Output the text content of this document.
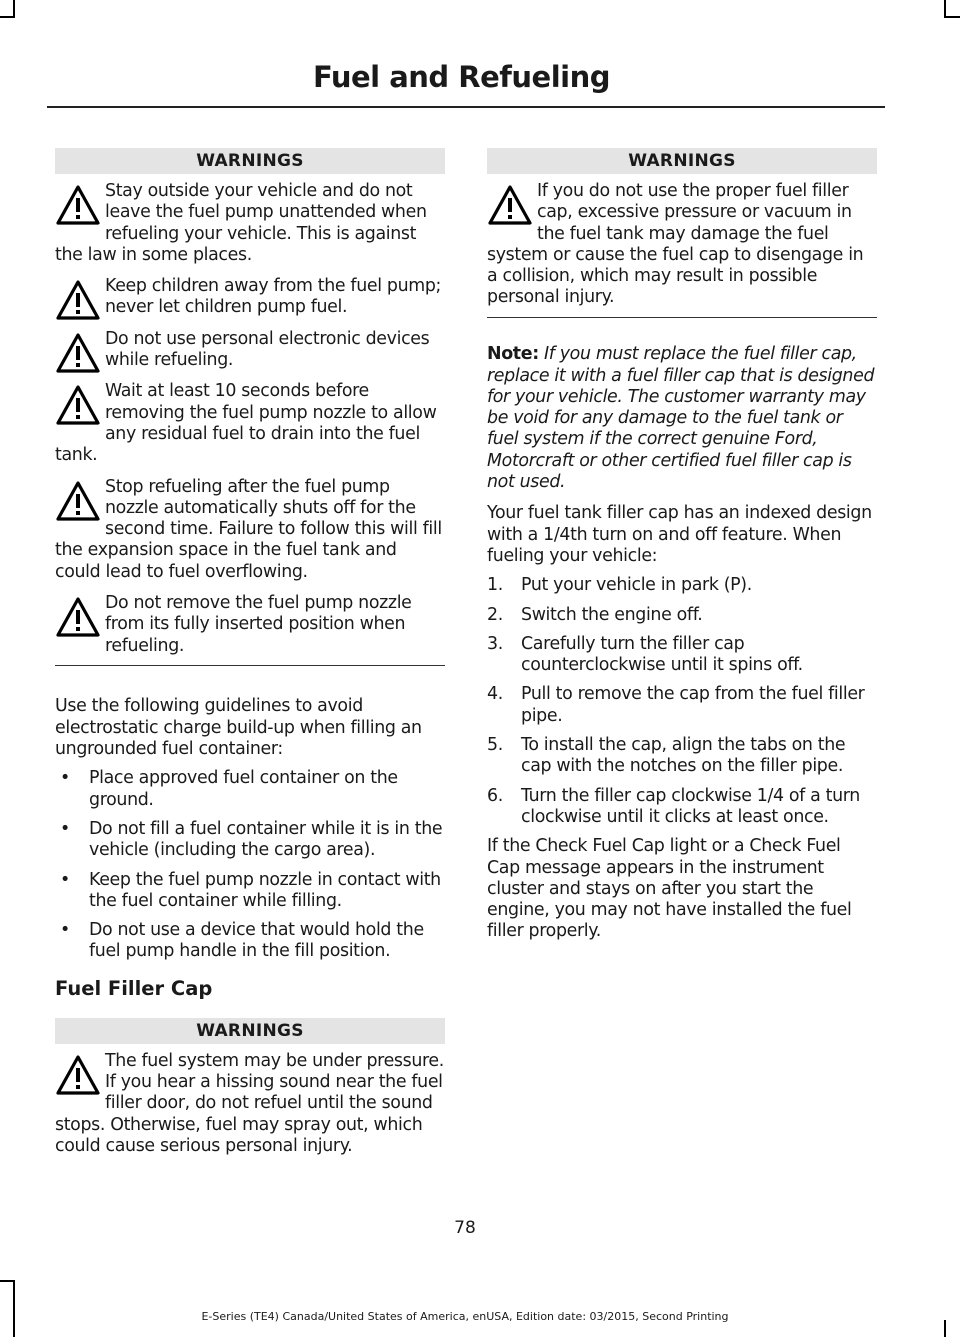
Fuel and Refueling
WARNINGS
Stay outside your vehicle and do not leave the fuel pump unattended when refueling your vehicle. This is against the law in some places.
Keep children away from the fuel pump; never let children pump fuel.
Do not use personal electronic devices while refueling.
Wait at least 10 seconds before removing the fuel pump nozzle to allow any residual fuel to drain into the fuel tank.
Stop refueling after the fuel pump nozzle automatically shuts off for the second time. Failure to follow this will fill the expansion space in the fuel tank and could lead to fuel overflowing.
Do not remove the fuel pump nozzle from its fully inserted position when refueling.

Use the following guidelines to avoid electrostatic charge build-up when filling an ungrounded fuel container:

• Place approved fuel container on the ground.
• Do not fill a fuel container while it is in the vehicle (including the cargo area).
• Keep the fuel pump nozzle in contact with the fuel container while filling.
• Do not use a device that would hold the fuel pump handle in the fill position.
Fuel Filler Cap
WARNINGS
The fuel system may be under pressure. If you hear a hissing sound near the fuel filler door, do not refuel until the sound stops. Otherwise, fuel may spray out, which could cause serious personal injury.
WARNINGS
If you do not use the proper fuel filler cap, excessive pressure or vacuum in the fuel tank may damage the fuel system or cause the fuel cap to disengage in a collision, which may result in possible personal injury.

Note: If you must replace the fuel filler cap, replace it with a fuel filler cap that is designed for your vehicle. The customer warranty may be void for any damage to the fuel tank or fuel system if the correct genuine Ford, Motorcraft or other certified fuel filler cap is not used.

Your fuel tank filler cap has an indexed design with a 1/4th turn on and off feature. When fueling your vehicle:

1. Put your vehicle in park (P).
2. Switch the engine off.
3. Carefully turn the filler cap counterclockwise until it spins off.
4. Pull to remove the cap from the fuel filler pipe.
5. To install the cap, align the tabs on the cap with the notches on the filler pipe.
6. Turn the filler cap clockwise 1/4 of a turn clockwise until it clicks at least once.

If the Check Fuel Cap light or a Check Fuel Cap message appears in the instrument cluster and stays on after you start the engine, you may not have installed the fuel filler properly.

78
E-Series (TE4) Canada/United States of America, enUSA, Edition date: 03/2015, Second Printing
